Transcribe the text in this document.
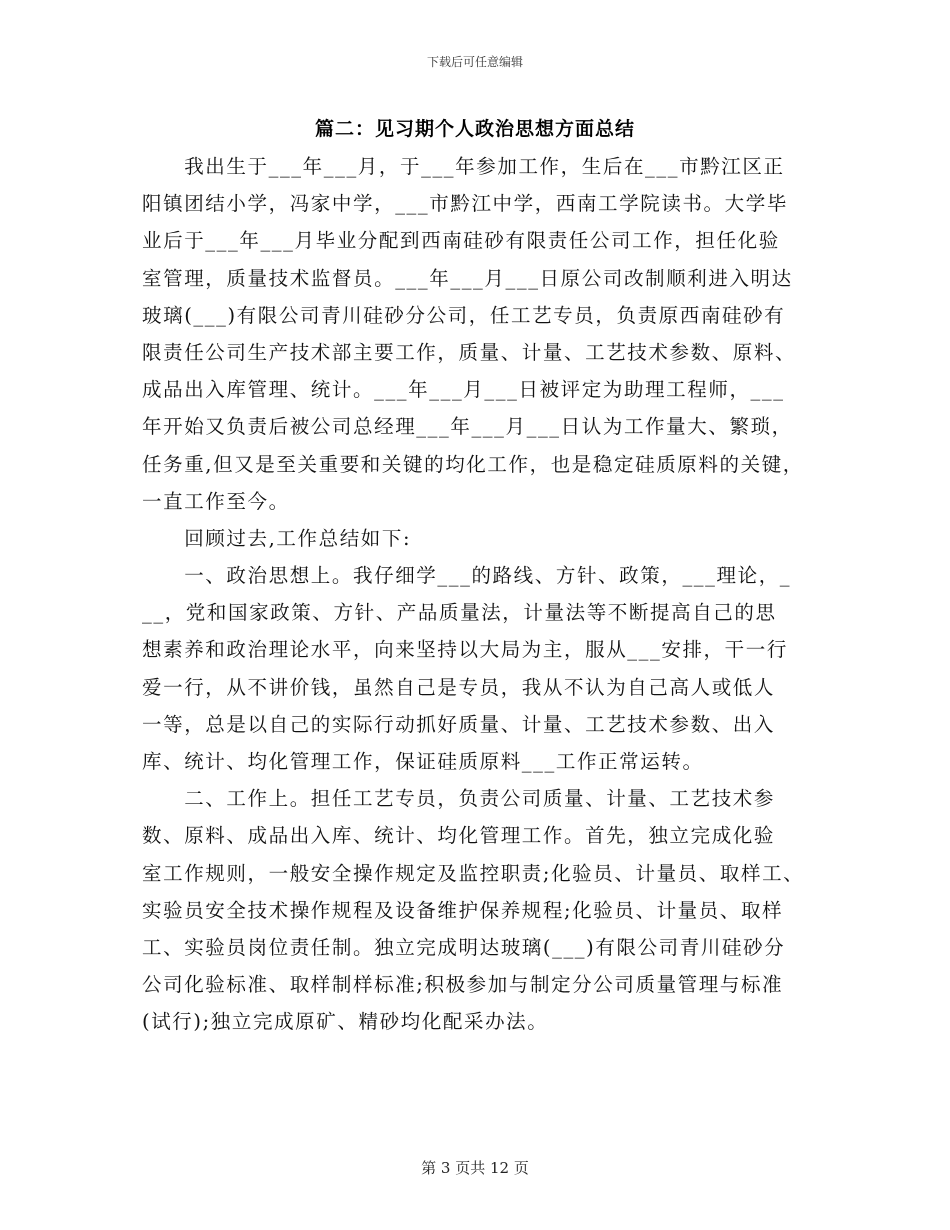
下载后可任意编辑
篇二：见习期个人政治思想方面总结
　　我出生于___年___月，于___年参加工作，生后在___市黔江区正
阳镇团结小学，冯家中学，___市黔江中学，西南工学院读书。大学毕
业后于___年___月毕业分配到西南硅砂有限责任公司工作，担任化验
室管理，质量技术监督员。___年___月___日原公司改制顺利进入明达
玻璃(___)有限公司青川硅砂分公司，任工艺专员，负责原西南硅砂有
限责任公司生产技术部主要工作，质量、计量、工艺技术参数、原料、
成品出入库管理、统计。___年___月___日被评定为助理工程师，___
年开始又负责后被公司总经理___年___月___日认为工作量大、繁琐，
任务重,但又是至关重要和关键的均化工作，也是稳定硅质原料的关键，
一直工作至今。
　　回顾过去,工作总结如下:
　　一、政治思想上。我仔细学___的路线、方针、政策，___理论，_
__，党和国家政策、方针、产品质量法，计量法等不断提高自己的思
想素养和政治理论水平，向来坚持以大局为主，服从___安排，干一行
爱一行，从不讲价钱，虽然自己是专员，我从不认为自己高人或低人
一等，总是以自己的实际行动抓好质量、计量、工艺技术参数、出入
库、统计、均化管理工作，保证硅质原料___工作正常运转。
　　二、工作上。担任工艺专员，负责公司质量、计量、工艺技术参
数、原料、成品出入库、统计、均化管理工作。首先，独立完成化验
室工作规则，一般安全操作规定及监控职责;化验员、计量员、取样工、
实验员安全技术操作规程及设备维护保养规程;化验员、计量员、取样
工、实验员岗位责任制。独立完成明达玻璃(___)有限公司青川硅砂分
公司化验标准、取样制样标准;积极参加与制定分公司质量管理与标准
(试行);独立完成原矿、精砂均化配采办法。
第 3 页共 12 页
